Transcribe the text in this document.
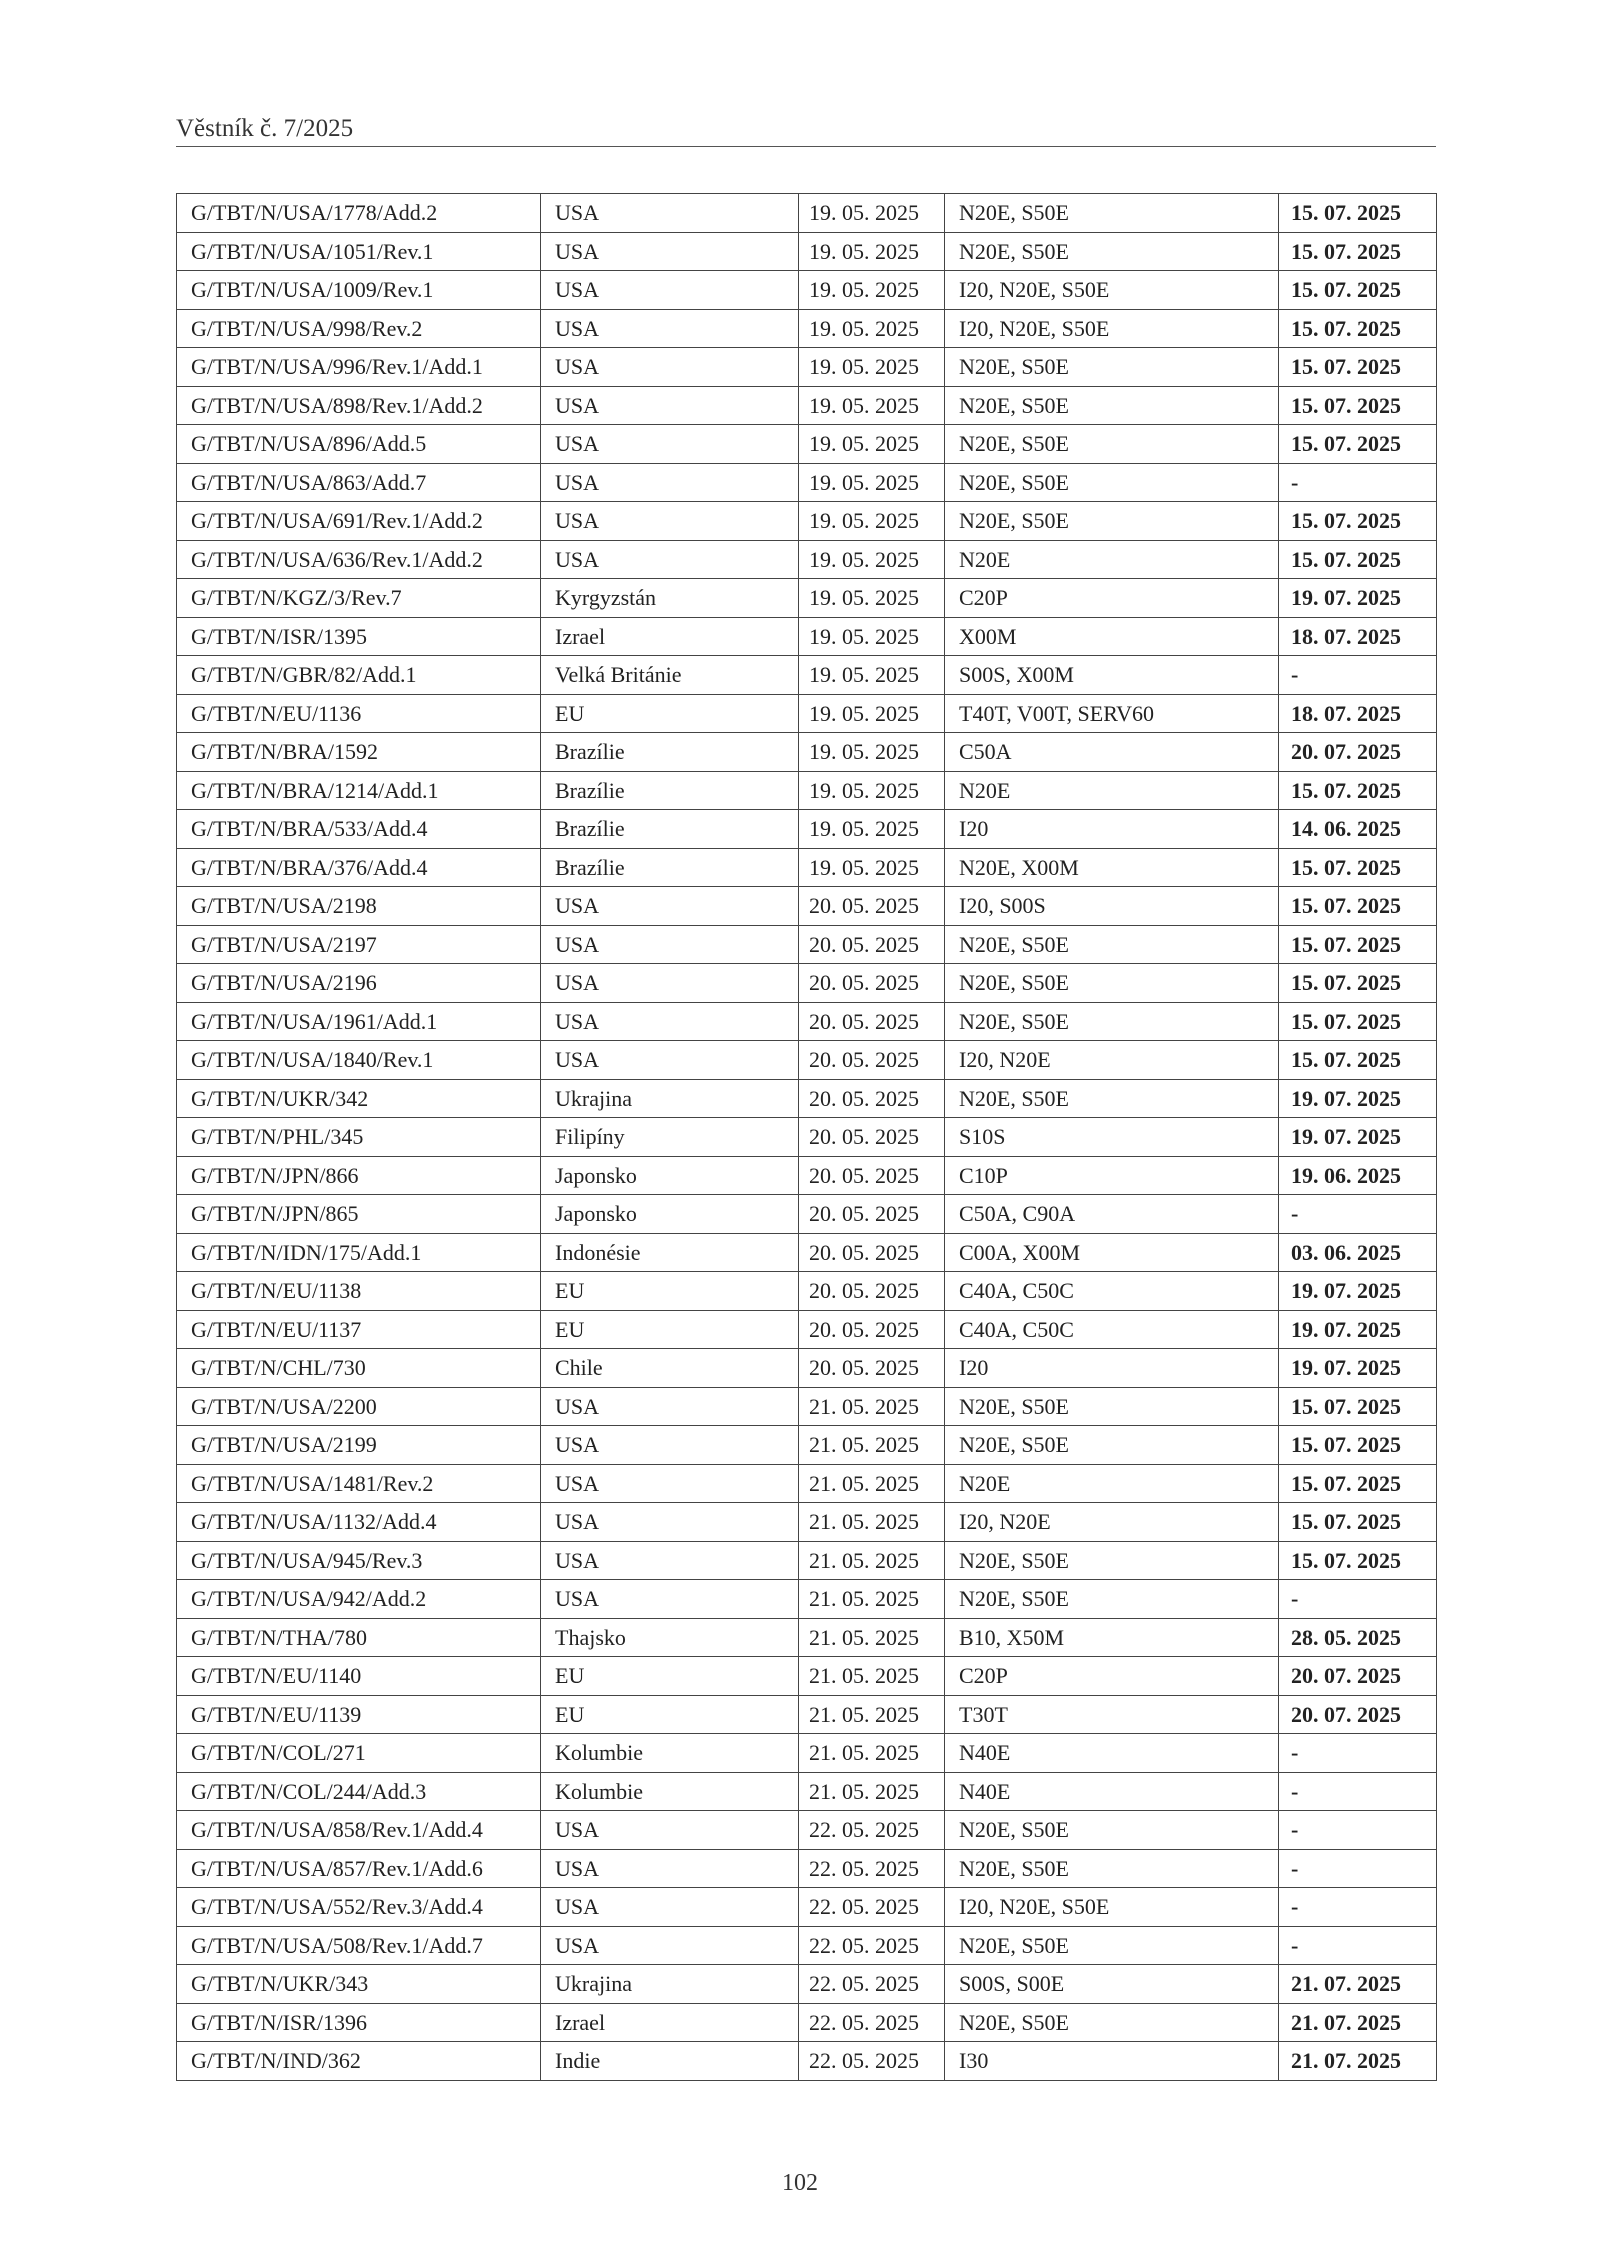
Věstník č. 7/2025
G/TBT/N/USA/1778/Add.2	USA	19. 05. 2025	N20E, S50E	15. 07. 2025
G/TBT/N/USA/1051/Rev.1	USA	19. 05. 2025	N20E, S50E	15. 07. 2025
G/TBT/N/USA/1009/Rev.1	USA	19. 05. 2025	I20, N20E, S50E	15. 07. 2025
G/TBT/N/USA/998/Rev.2	USA	19. 05. 2025	I20, N20E, S50E	15. 07. 2025
G/TBT/N/USA/996/Rev.1/Add.1	USA	19. 05. 2025	N20E, S50E	15. 07. 2025
G/TBT/N/USA/898/Rev.1/Add.2	USA	19. 05. 2025	N20E, S50E	15. 07. 2025
G/TBT/N/USA/896/Add.5	USA	19. 05. 2025	N20E, S50E	15. 07. 2025
G/TBT/N/USA/863/Add.7	USA	19. 05. 2025	N20E, S50E	-
G/TBT/N/USA/691/Rev.1/Add.2	USA	19. 05. 2025	N20E, S50E	15. 07. 2025
G/TBT/N/USA/636/Rev.1/Add.2	USA	19. 05. 2025	N20E	15. 07. 2025
G/TBT/N/KGZ/3/Rev.7	Kyrgyzstán	19. 05. 2025	C20P	19. 07. 2025
G/TBT/N/ISR/1395	Izrael	19. 05. 2025	X00M	18. 07. 2025
G/TBT/N/GBR/82/Add.1	Velká Británie	19. 05. 2025	S00S, X00M	-
G/TBT/N/EU/1136	EU	19. 05. 2025	T40T, V00T, SERV60	18. 07. 2025
G/TBT/N/BRA/1592	Brazílie	19. 05. 2025	C50A	20. 07. 2025
G/TBT/N/BRA/1214/Add.1	Brazílie	19. 05. 2025	N20E	15. 07. 2025
G/TBT/N/BRA/533/Add.4	Brazílie	19. 05. 2025	I20	14. 06. 2025
G/TBT/N/BRA/376/Add.4	Brazílie	19. 05. 2025	N20E, X00M	15. 07. 2025
G/TBT/N/USA/2198	USA	20. 05. 2025	I20, S00S	15. 07. 2025
G/TBT/N/USA/2197	USA	20. 05. 2025	N20E, S50E	15. 07. 2025
G/TBT/N/USA/2196	USA	20. 05. 2025	N20E, S50E	15. 07. 2025
G/TBT/N/USA/1961/Add.1	USA	20. 05. 2025	N20E, S50E	15. 07. 2025
G/TBT/N/USA/1840/Rev.1	USA	20. 05. 2025	I20, N20E	15. 07. 2025
G/TBT/N/UKR/342	Ukrajina	20. 05. 2025	N20E, S50E	19. 07. 2025
G/TBT/N/PHL/345	Filipíny	20. 05. 2025	S10S	19. 07. 2025
G/TBT/N/JPN/866	Japonsko	20. 05. 2025	C10P	19. 06. 2025
G/TBT/N/JPN/865	Japonsko	20. 05. 2025	C50A, C90A	-
G/TBT/N/IDN/175/Add.1	Indonésie	20. 05. 2025	C00A, X00M	03. 06. 2025
G/TBT/N/EU/1138	EU	20. 05. 2025	C40A, C50C	19. 07. 2025
G/TBT/N/EU/1137	EU	20. 05. 2025	C40A, C50C	19. 07. 2025
G/TBT/N/CHL/730	Chile	20. 05. 2025	I20	19. 07. 2025
G/TBT/N/USA/2200	USA	21. 05. 2025	N20E, S50E	15. 07. 2025
G/TBT/N/USA/2199	USA	21. 05. 2025	N20E, S50E	15. 07. 2025
G/TBT/N/USA/1481/Rev.2	USA	21. 05. 2025	N20E	15. 07. 2025
G/TBT/N/USA/1132/Add.4	USA	21. 05. 2025	I20, N20E	15. 07. 2025
G/TBT/N/USA/945/Rev.3	USA	21. 05. 2025	N20E, S50E	15. 07. 2025
G/TBT/N/USA/942/Add.2	USA	21. 05. 2025	N20E, S50E	-
G/TBT/N/THA/780	Thajsko	21. 05. 2025	B10, X50M	28. 05. 2025
G/TBT/N/EU/1140	EU	21. 05. 2025	C20P	20. 07. 2025
G/TBT/N/EU/1139	EU	21. 05. 2025	T30T	20. 07. 2025
G/TBT/N/COL/271	Kolumbie	21. 05. 2025	N40E	-
G/TBT/N/COL/244/Add.3	Kolumbie	21. 05. 2025	N40E	-
G/TBT/N/USA/858/Rev.1/Add.4	USA	22. 05. 2025	N20E, S50E	-
G/TBT/N/USA/857/Rev.1/Add.6	USA	22. 05. 2025	N20E, S50E	-
G/TBT/N/USA/552/Rev.3/Add.4	USA	22. 05. 2025	I20, N20E, S50E	-
G/TBT/N/USA/508/Rev.1/Add.7	USA	22. 05. 2025	N20E, S50E	-
G/TBT/N/UKR/343	Ukrajina	22. 05. 2025	S00S, S00E	21. 07. 2025
G/TBT/N/ISR/1396	Izrael	22. 05. 2025	N20E, S50E	21. 07. 2025
G/TBT/N/IND/362	Indie	22. 05. 2025	I30	21. 07. 2025
102
